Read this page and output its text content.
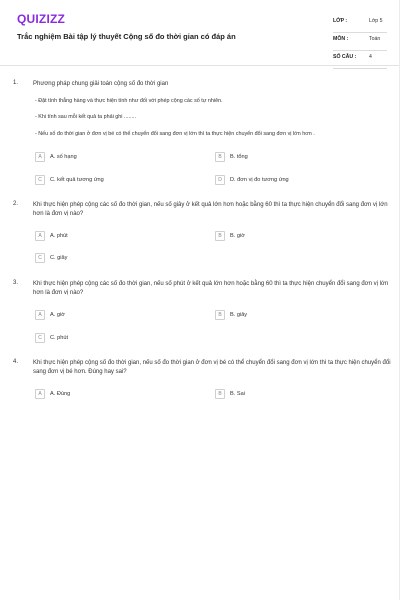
QUIZIZZ
Trắc nghiệm Bài tập lý thuyết Cộng số đo thời gian có đáp án
LỚP :	Lớp 5
MÔN :	Toán
SỐ CÂU : 4
1. Phương pháp chung giải toán cộng số đo thời gian
- Đặt tính thẳng hàng và thực hiện tính như đối với phép cộng các số tự nhiên.
- Khi tính sau mỗi kết quả ta phải ghi ........
- Nếu số đo thời gian ở đơn vị bé có thể chuyển đổi sang đơn vị lớn thì ta thực hiện chuyển đổi sang đơn vị lớn hơn .
A	A. số hạng	B	B. tổng
C	C. kết quả tương ứng	D	D. đơn vị đo tương ứng
2. Khi thực hiện phép cộng các số đo thời gian, nếu số giây ở kết quả lớn hơn hoặc bằng 60 thì ta thực hiện chuyển đổi sang đơn vị lớn hơn là đơn vị nào?
A	A. phút	B	B. giờ
C	C. giây
3. Khi thực hiện phép cộng các số đo thời gian, nếu số phút ở kết quả lớn hơn hoặc bằng 60 thì ta thực hiện chuyển đổi sang đơn vị lớn hơn là đơn vị nào?
A	A. giờ	B	B. giây
C	C. phút
4. Khi thực hiện phép cộng số đo thời gian, nếu số đo thời gian ở đơn vị bé có thể chuyển đổi sang đơn vị lớn thì ta thực hiện chuyển đổi sang đơn vị bé hơn. Đúng hay sai?
A	A. Đúng	B	B. Sai
